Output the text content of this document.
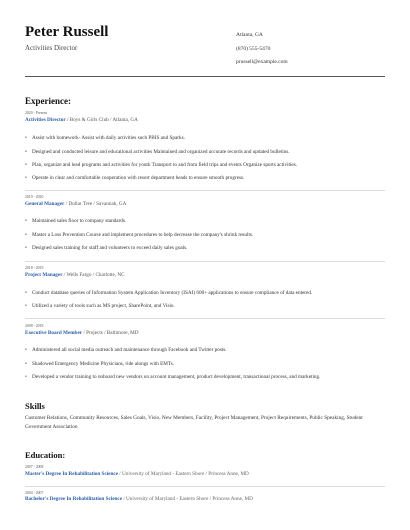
Peter Russell
Activities Director
Atlanta, GA
(870) 555-5470
prussell@example.com
Experience:
2020 - Present
Activities Director / Boys & Girls Club / Atlanta, GA
Assist with homework- Assist with daily activities such PBIS and Sparks.
Designed and conducted leisure and educational activities Maintained and organized accurate records and updated bulletins.
Plan, organize and lead programs and activities for youth Transport to and from field trips and events Organize sports activities.
Operate in clear and comfortable cooperation with resort department heads to ensure smooth progress.
2019 - 2020
General Manager / Dollar Tree / Savannah, GA
Maintained sales floor to company standards.
Master a Loss Prevention Course and implement procedures to help decrease the company's shrink results.
Designed sales training for staff and volunteers to exceed daily sales goals.
2018 - 2019
Project Manager / Wells Fargo / Charlotte, NC
Conduct database queries of Information System Application Inventory (ISAI) 600+ applications to ensure compliance of data entered.
Utilized a variety of tools such as MS project, SharePoint, and Visio.
2008 - 2018
Executive Board Member / Projects / Baltimore, MD
Administered all social media outreach and maintenance through Facebook and Twitter posts.
Shadowed Emergency Medicine Physicians, ride alongs with EMTs.
Developed a vendor training to onboard new vendors on account management, product development, transactional process, and marketing.
Skills
Customer Relations, Community Resources, Sales Goals, Visio, New Members, Facility, Project Management, Project Requirements, Public Speaking, Student Government Association
Education:
2007 - 2008
Master's Degree In Rehabilitation Science / University of Maryland - Eastern Shore / Princess Anne, MD
2004 - 2007
Bachelor's Degree In Rehabilitation Science / University of Maryland - Eastern Shore / Princess Anne, MD
